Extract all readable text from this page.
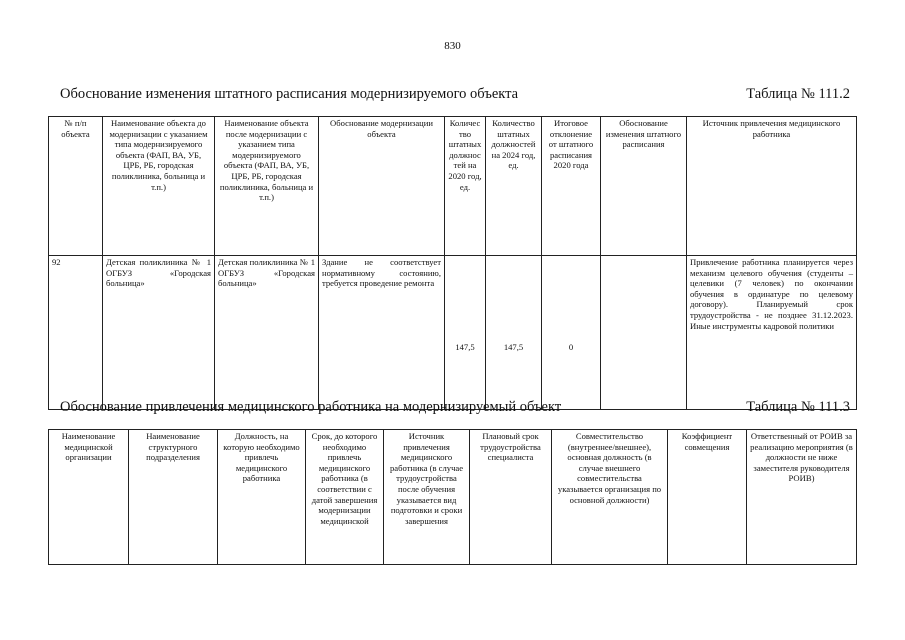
830
Обоснование изменения штатного расписания модернизируемого объекта	Таблица № 111.2
№ п/п объекта	Наименование объекта до модернизации с указанием типа модернизируемого объекта (ФАП, ВА, УБ, ЦРБ, РБ, городская поликлиника, больница и т.п.)	Наименование объекта после модернизации с указанием типа модернизируемого объекта (ФАП, ВА, УБ, ЦРБ, РБ, городская поликлиника, больница и т.п.)	Обоснование модернизации объекта	Количество штатных должностей на 2020 год, ед.	Количество штатных должностей на 2024 год, ед.	Итоговое отклонение от штатного расписания 2020 года	Обоснование изменения штатного расписания	Источник привлечения медицинского работника
92	Детская поликлиника № 1 ОГБУЗ «Городская больница»	Детская поликлиника № 1 ОГБУЗ «Городская больница»	Здание не соответствует нормативному состоянию, требуется проведение ремонта	147,5	147,5	0		Привлечение работника планируется через механизм целевого обучения (студенты – целевики (7 человек) по окончании обучения в ординатуре по целевому договору). Планируемый срок трудоустройства - не позднее 31.12.2023. Иные инструменты кадровой политики
Обоснование привлечения медицинского работника на модернизируемый объект	Таблица № 111.3
Наименование медицинской организации	Наименование структурного подразделения	Должность, на которую необходимо привлечь медицинского работника	Срок, до которого необходимо привлечь медицинского работника (в соответствии с датой завершения модернизации медицинской	Источник привлечения медицинского работника (в случае трудоустройства после обучения указывается вид подготовки и сроки завершения	Плановый срок трудоустройства специалиста	Совместительство (внутреннее/внешнее), основная должность (в случае внешнего совместительства указывается организация по основной должности)	Коэффициент совмещения	Ответственный от РОИВ за реализацию мероприятия (в должности не ниже заместителя руководителя РОИВ)
